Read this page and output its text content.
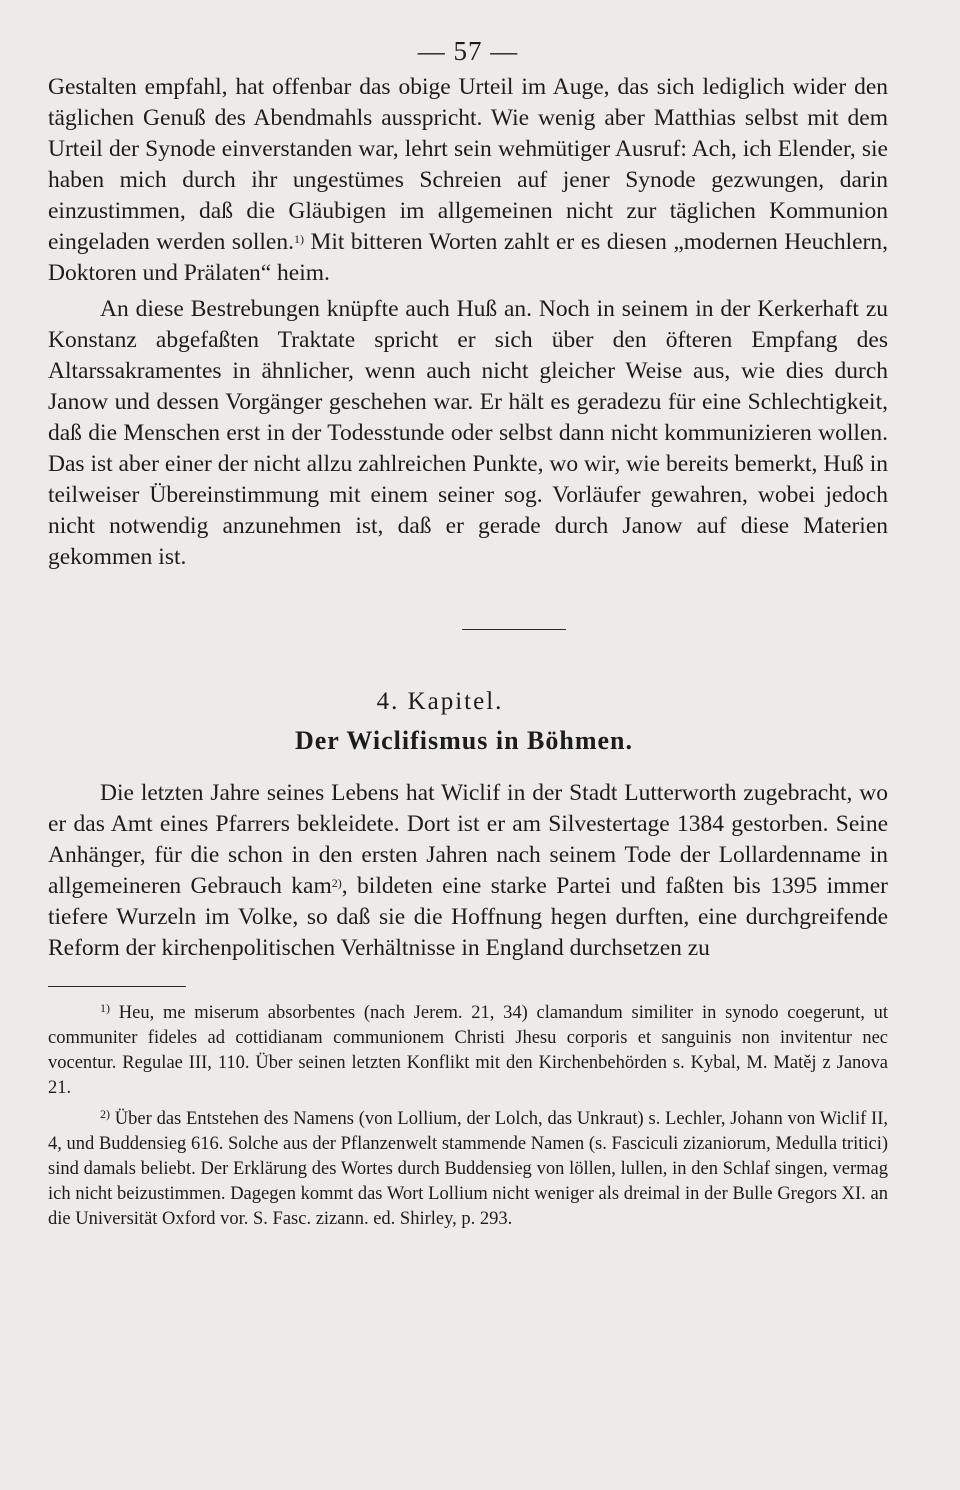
— 57 —

Gestalten empfahl, hat offenbar das obige Urteil im Auge, das sich lediglich wider den täglichen Genuß des Abendmahls ausspricht. Wie wenig aber Matthias selbst mit dem Urteil der Synode einverstanden war, lehrt sein wehmütiger Ausruf: Ach, ich Elender, sie haben mich durch ihr ungestümes Schreien auf jener Synode gezwungen, darin einzustimmen, daß die Gläubigen im allgemeinen nicht zur täglichen Kommunion eingeladen werden sollen.$^{1)}$ Mit bitteren Worten zahlt er es diesen „modernen Heuchlern, Doktoren und Prälaten“ heim.

An diese Bestrebungen knüpfte auch Huß an. Noch in seinem in der Kerkerhaft zu Konstanz abgefaßten Traktate spricht er sich über den öfteren Empfang des Altarssakramentes in ähnlicher, wenn auch nicht gleicher Weise aus, wie dies durch Janow und dessen Vorgänger geschehen war. Er hält es geradezu für eine Schlechtigkeit, daß die Menschen erst in der Todesstunde oder selbst dann nicht kommunizieren wollen. Das ist aber einer der nicht allzu zahlreichen Punkte, wo wir, wie bereits bemerkt, Huß in teilweiser Übereinstimmung mit einem seiner sog. Vorläufer gewahren, wobei jedoch nicht notwendig anzunehmen ist, daß er gerade durch Janow auf diese Materien gekommen ist.

4. Kapitel.
Der Wiclifismus in Böhmen.

Die letzten Jahre seines Lebens hat Wiclif in der Stadt Lutterworth zugebracht, wo er das Amt eines Pfarrers bekleidete. Dort ist er am Silvestertage 1384 gestorben. Seine Anhänger, für die schon in den ersten Jahren nach seinem Tode der Lollardenname in allgemeineren Gebrauch kam$^{2)}$, bildeten eine starke Partei und faßten bis 1395 immer tiefere Wurzeln im Volke, so daß sie die Hoffnung hegen durften, eine durchgreifende Reform der kirchenpolitischen Verhältnisse in England durchsetzen zu

$^{1)}$ Heu, me miserum absorbentes (nach Jerem. 21, 34) clamandum similiter in synodo coegerunt, ut communiter fideles ad cottidianam communionem Christi Jhesu corporis et sanguinis non invitentur nec vocentur. Regulae III, 110. Über seinen letzten Konflikt mit den Kirchenbehörden s. Kybal, M. Matěj z Janova 21.

$^{2)}$ Über das Entstehen des Namens (von Lollium, der Lolch, das Unkraut) s. Lechler, Johann von Wiclif II, 4, und Buddensieg 616. Solche aus der Pflanzenwelt stammende Namen (s. Fasciculi zizaniorum, Medulla tritici) sind damals beliebt. Der Erklärung des Wortes durch Buddensieg von löllen, lullen, in den Schlaf singen, vermag ich nicht beizustimmen. Dagegen kommt das Wort Lollium nicht weniger als dreimal in der Bulle Gregors XI. an die Universität Oxford vor. S. Fasc. zizann. ed. Shirley, p. 293.
